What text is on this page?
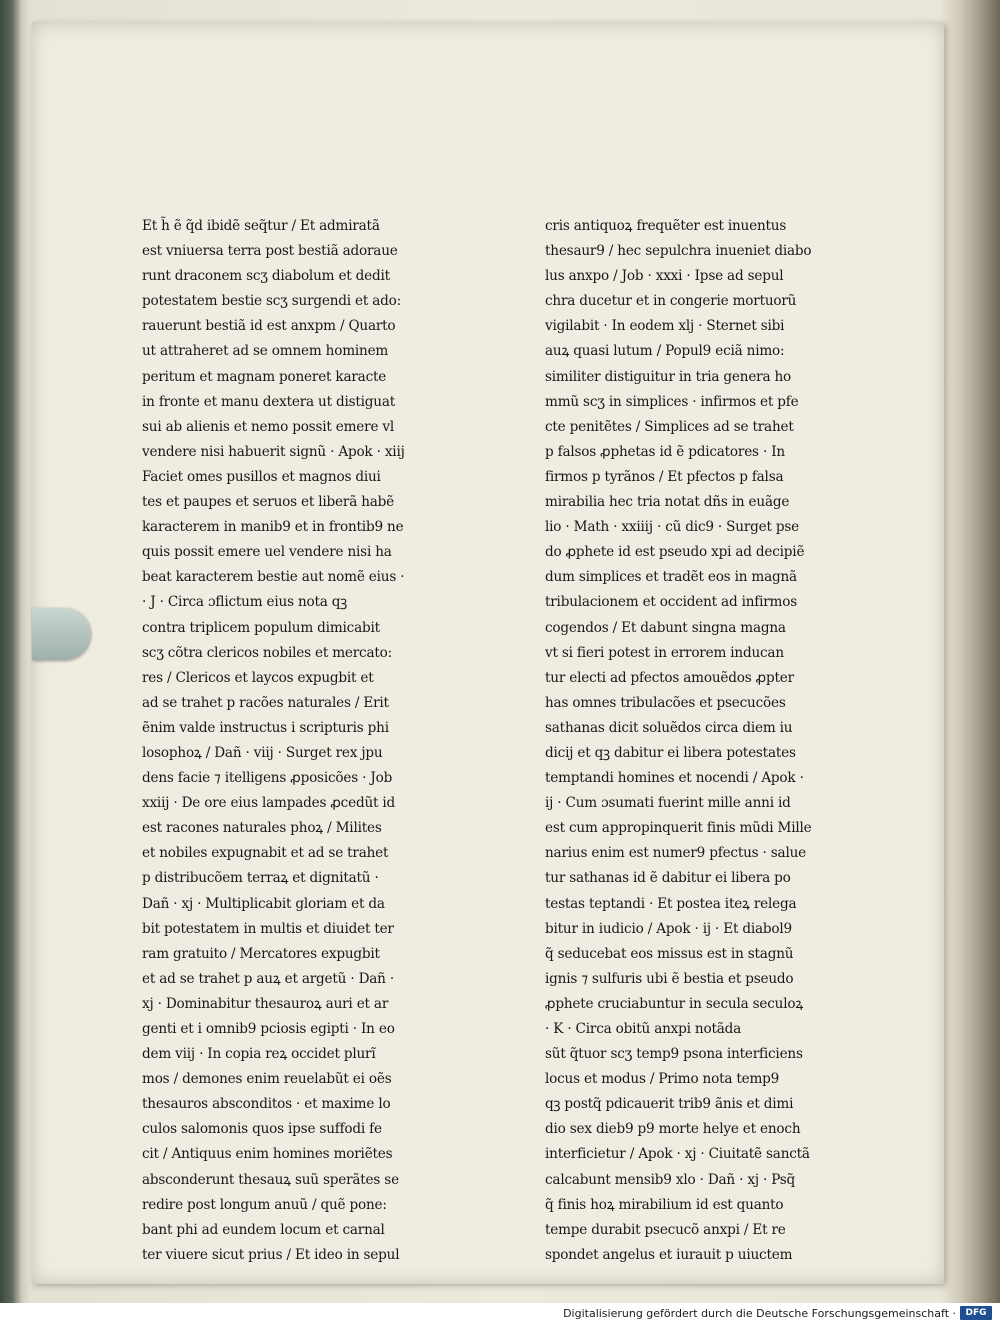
Et h̃ ẽ q̃d ibidẽ seq̃tur / Et admiratã
est vniuersa terra post bestiã adoraue
runt draconem scʒ diabolum et dedit
potestatem bestie scʒ surgendi et ado:
rauerunt bestiã id est anxpm / Quarto
ut attraheret ad se omnem hominem
peritum et magnam poneret karacte
in fronte et manu dextera ut distiguat
sui ab alienis et nemo possit emere vl
vendere nisi habuerit signũ · Apok · xiij
Faciet omes pusillos et magnos diui
tes et paupes et seruos et liberã habẽ
karacterem in manib9 et in frontib9 ne
quis possit emere uel vendere nisi ha
beat karacterem bestie aut nomẽ eius ·
· J · Circa ɔflictum eius nota qꝫ
contra triplicem populum dimicabit
scʒ cõtra clericos nobiles et mercato:
res / Clericos et laycos expugbit et
ad se trahet p racões naturales / Erit
ẽnim valde instructus i scripturis phi
losophoꝝ / Dañ · viij · Surget rex jpu
dens facie ⁊ itelligens ꝓposicões · Job
xxiij · De ore eius lampades ꝓcedũt id
est racones naturales phoꝝ / Milites
et nobiles expugnabit et ad se trahet
p distribucõem terraꝝ et dignitatũ ·
Dañ · xj · Multiplicabit gloriam et da
bit potestatem in multis et diuidet ter
ram gratuito / Mercatores expugbit
et ad se trahet p auꝝ et argetũ · Dañ ·
xj · Dominabitur thesauroꝝ auri et ar
genti et i omnib9 pciosis egipti · In eo
dem viij · In copia reꝝ occidet plurĩ
mos / demones enim reuelabũt ei oẽs
thesauros absconditos · et maxime lo
culos salomonis quos ipse suffodi fe
cit / Antiquus enim homines moriẽtes
absconderunt thesauꝝ suũ sperãtes se
redire post longum anuũ / quẽ pone:
bant phi ad eundem locum et carnal
ter viuere sicut prius / Et ideo in sepul
cris antiquoꝝ frequẽter est inuentus
thesaur9 / hec sepulchra inueniet diabo
lus anxpo / Job · xxxi · Ipse ad sepul
chra ducetur et in congerie mortuorũ
vigilabit · In eodem xlj · Sternet sibi
auꝝ quasi lutum / Popul9 eciã nimo:
similiter distiguitur in tria genera ho
mmũ scʒ in simplices · infirmos et pfe
cte penitẽtes / Simplices ad se trahet
p falsos ꝓphetas id ẽ pdicatores · In
firmos p tyrãnos / Et pfectos p falsa
mirabilia hec tria notat dñs in euãge
lio · Math · xxiiij · cũ dic9 · Surget pse
do ꝓphete id est pseudo xpi ad decipiẽ
dum simplices et tradẽt eos in magnã
tribulacionem et occident ad infirmos
cogendos / Et dabunt singna magna
vt si fieri potest in errorem inducan
tur electi ad pfectos amouẽdos ꝓpter
has omnes tribulacões et psecucões
sathanas dicit soluẽdos circa diem iu
dicij et qꝫ dabitur ei libera potestates
temptandi homines et nocendi / Apok ·
ij · Cum ɔsumati fuerint mille anni id
est cum appropinquerit finis mũdi Mille
narius enim est numer9 pfectus · salue
tur sathanas id ẽ dabitur ei libera po
testas teptandi · Et postea iteꝝ relega
bitur in iudicio / Apok · ij · Et diabol9
q̃ seducebat eos missus est in stagnũ
ignis ⁊ sulfuris ubi ẽ bestia et pseudo
ꝓphete cruciabuntur in secula seculoꝝ
· K · Circa obitũ anxpi notãda
sũt q̃tuor scʒ temp9 psona interficiens
locus et modus / Primo nota temp9
qꝫ postq̃ pdicauerit trib9 ãnis et dimi
dio sex dieb9 p9 morte helye et enoch
interficietur / Apok · xj · Ciuitatẽ sanctã
calcabunt mensib9 xlo · Dañ · xj · Psq̃
q̃ finis hoꝝ mirabilium id est quanto
tempe durabit psecucõ anxpi / Et re
spondet angelus et iurauit p uiuctem
Digitalisierung gefördert durch die Deutsche Forschungsgemeinschaft ·	DFG
